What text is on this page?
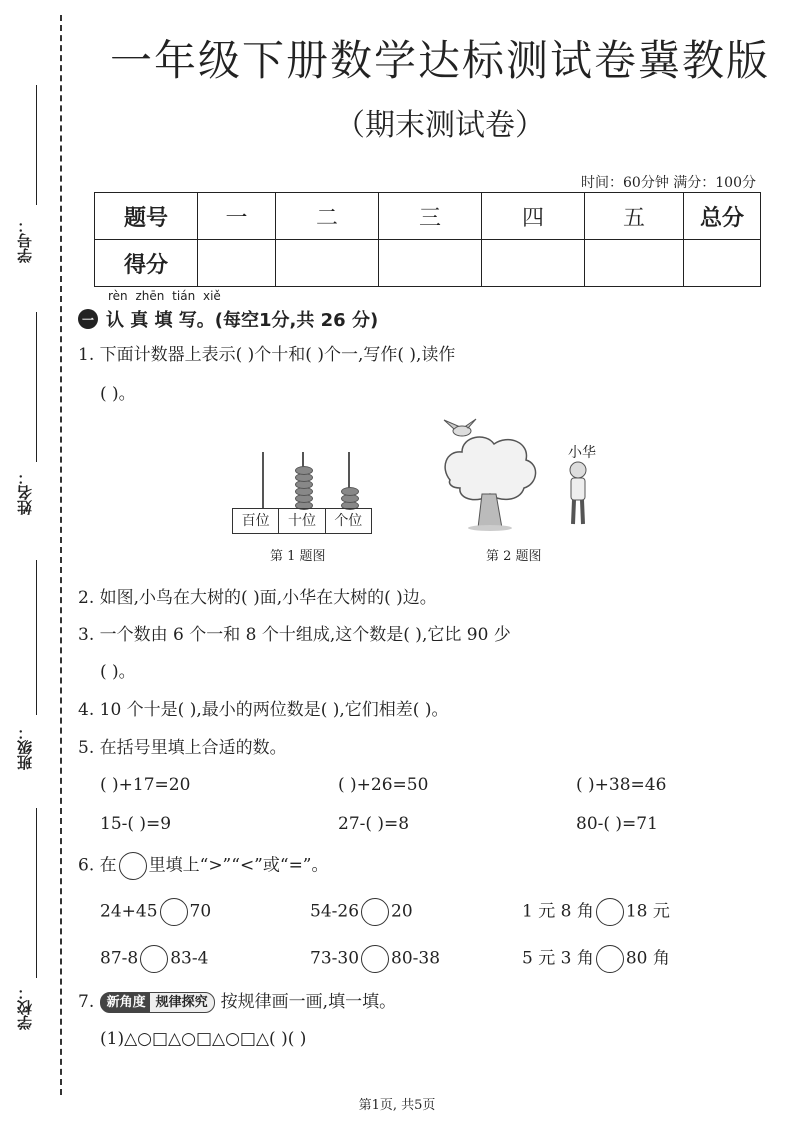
学号：
姓名：
班级：
学校：
一年级下册数学达标测试卷冀教版
（期末测试卷）
时间：60分钟 满分：100分
题号	一	二	三	四	五	总分
得分						
rèn zhēn tián xiě
一 认 真 填 写。(每空1分,共 26 分)
1. 下面计数器上表示( )个十和( )个一,写作( ),读作
( )。
百位	十位	个位
第 1 题图
小华
第 2 题图
2. 如图,小鸟在大树的( )面,小华在大树的( )边。
3. 一个数由 6 个一和 8 个十组成,这个数是( ),它比 90 少
( )。
4. 10 个十是( ),最小的两位数是( ),它们相差( )。
5. 在括号里填上合适的数。
( )+17=20	( )+26=50	( )+38=46
15-( )=9	27-( )=8	80-( )=71
6. 在 里填上“>”“<”或“=”。
24+45 70	54-26 20	1 元 8 角 18 元
87-8 83-4	73-30 80-38	5 元 3 角 80 角
7. 新角度 规律探究 按规律画一画,填一填。
(1)△○□△○□△○□△( )( )
第1页, 共5页
